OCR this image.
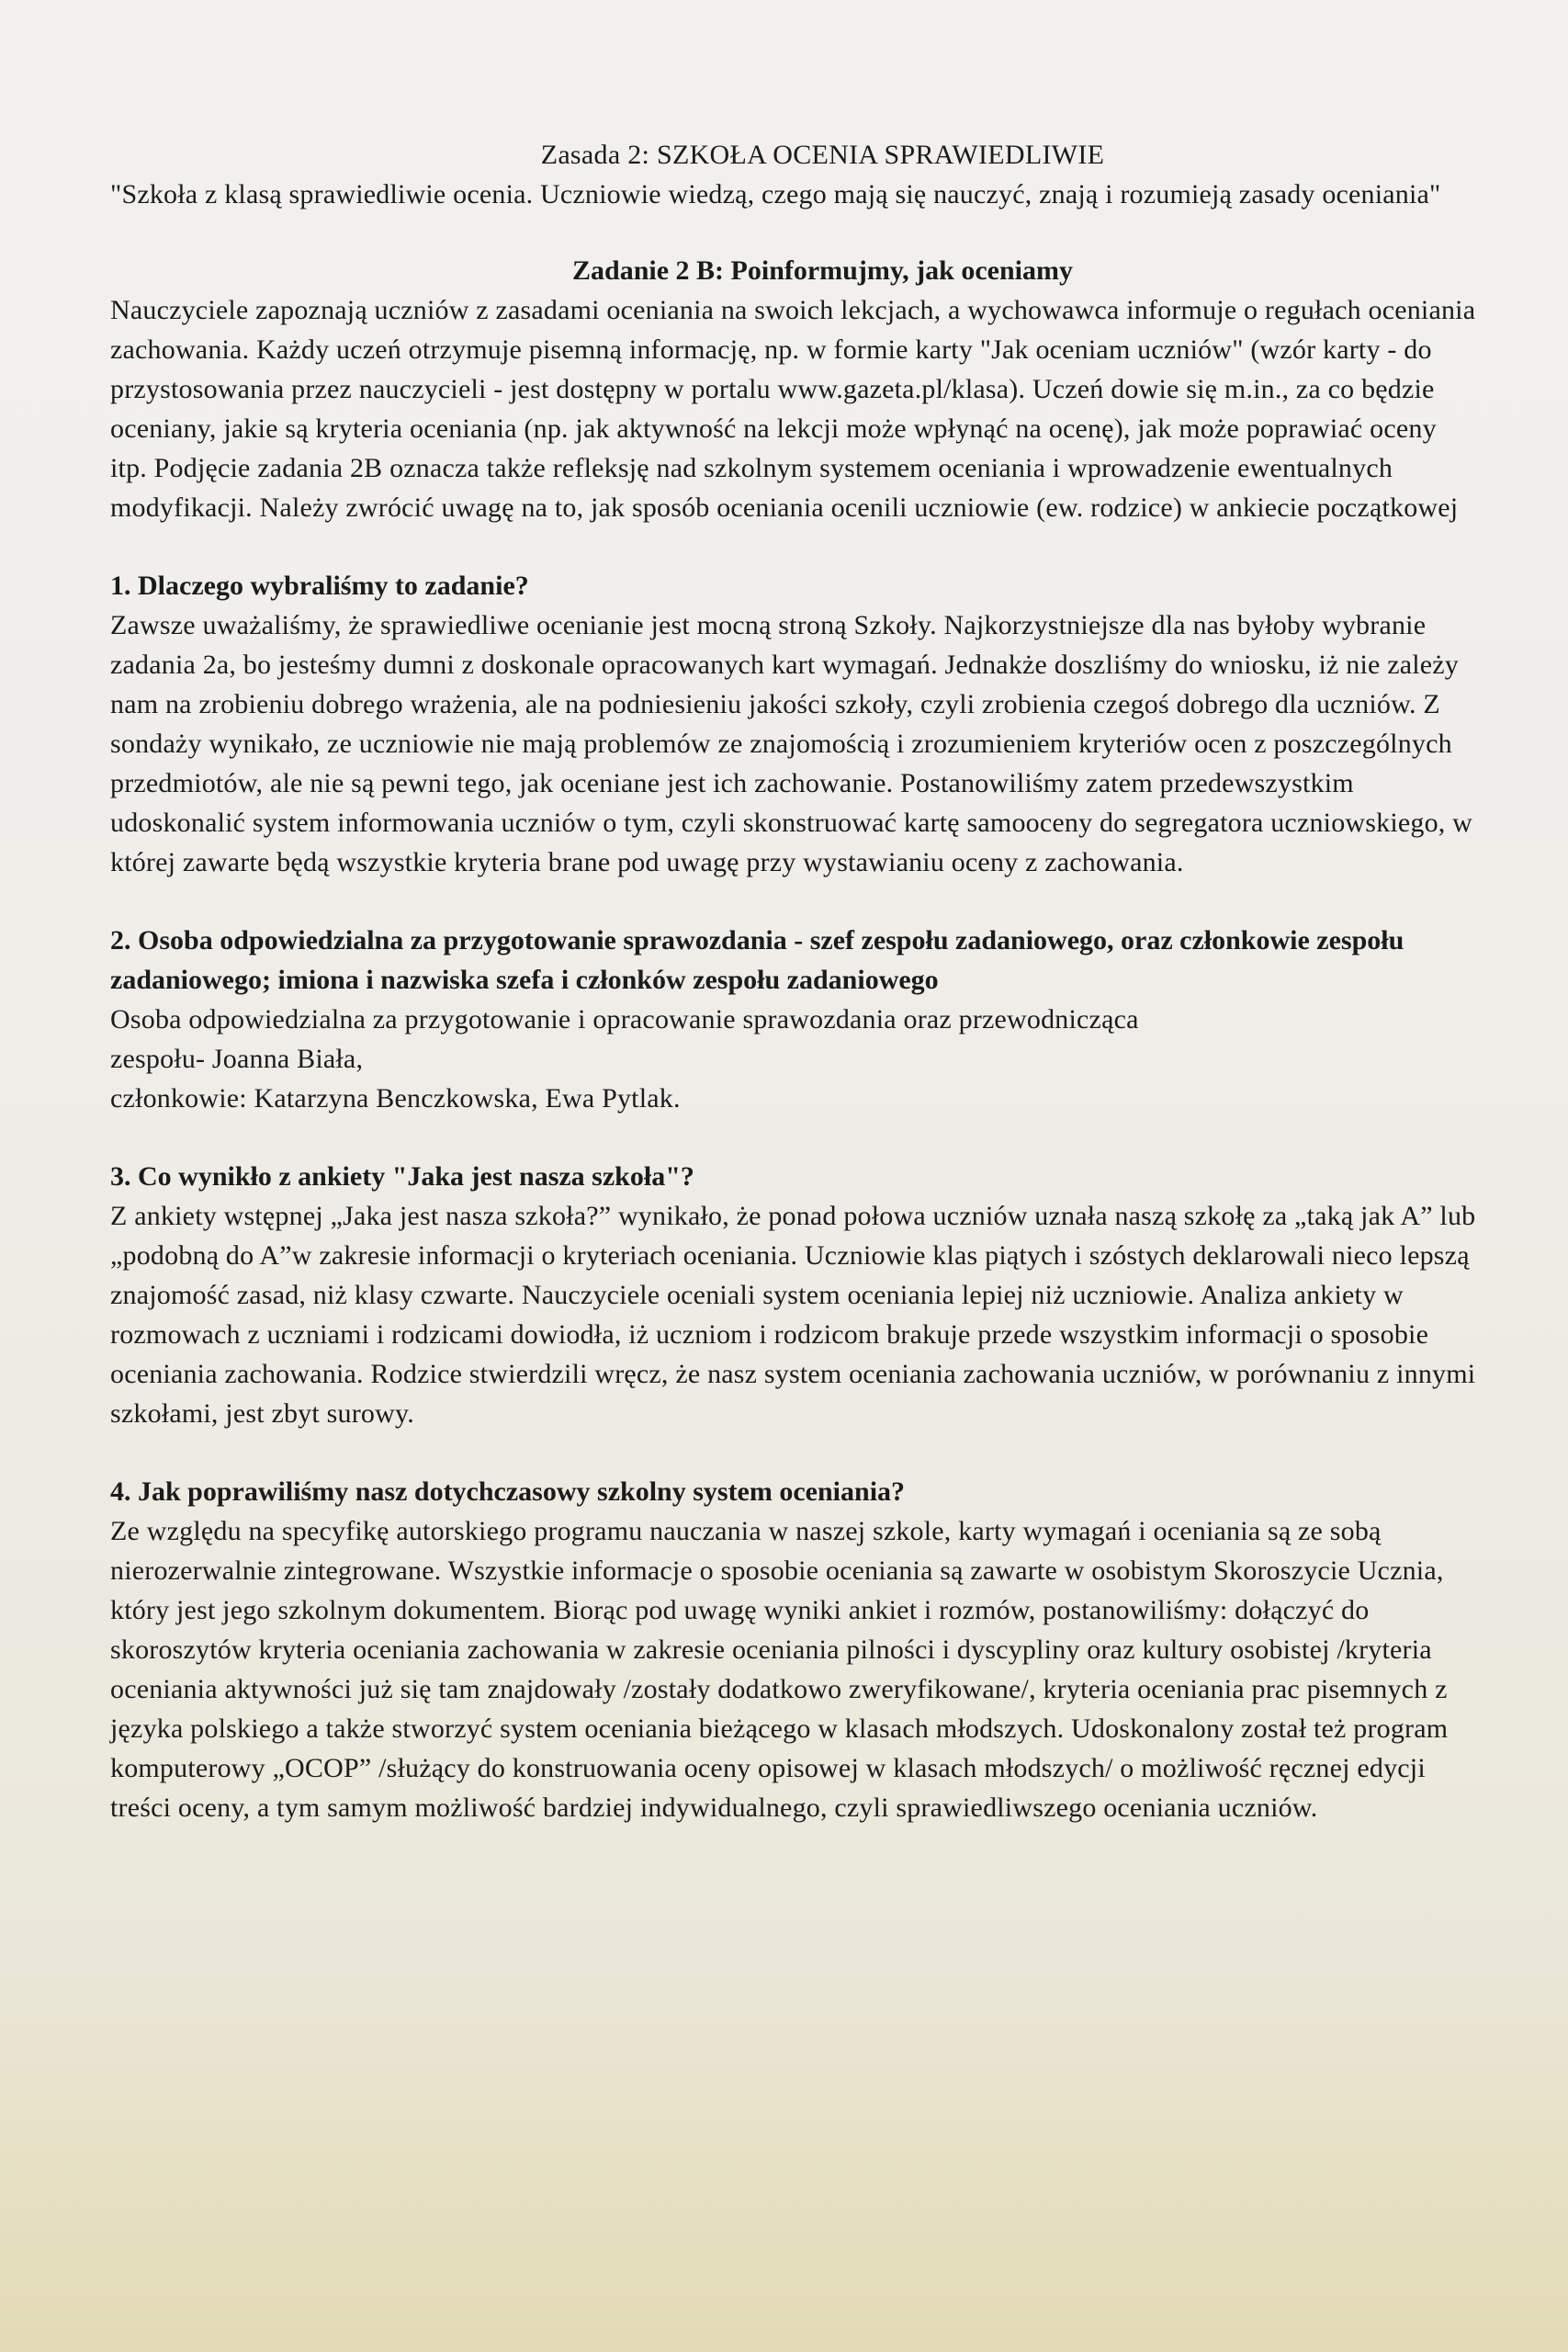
Zasada 2: SZKOŁA OCENIA SPRAWIEDLIWIE

"Szkoła z klasą sprawiedliwie ocenia. Uczniowie wiedzą, czego mają się nauczyć, znają i rozumieją zasady oceniania"

Zadanie 2 B: Poinformujmy, jak oceniamy

Nauczyciele zapoznają uczniów z zasadami oceniania na swoich lekcjach, a wychowawca informuje o regułach oceniania zachowania. Każdy uczeń otrzymuje pisemną informację, np. w formie karty "Jak oceniam uczniów" (wzór karty - do przystosowania przez nauczycieli - jest dostępny w portalu www.gazeta.pl/klasa). Uczeń dowie się m.in., za co będzie oceniany, jakie są kryteria oceniania (np. jak aktywność na lekcji może wpłynąć na ocenę), jak może poprawiać oceny itp. Podjęcie zadania 2B oznacza także refleksję nad szkolnym systemem oceniania i wprowadzenie ewentualnych modyfikacji. Należy zwrócić uwagę na to, jak sposób oceniania ocenili uczniowie (ew. rodzice) w ankiecie początkowej

1. Dlaczego wybraliśmy to zadanie?

Zawsze uważaliśmy, że sprawiedliwe ocenianie jest mocną stroną Szkoły. Najkorzystniejsze dla nas byłoby wybranie zadania 2a, bo jesteśmy dumni z doskonale opracowanych kart wymagań. Jednakże doszliśmy do wniosku, iż nie zależy nam na zrobieniu dobrego wrażenia, ale na podniesieniu jakości szkoły, czyli zrobienia czegoś dobrego dla uczniów. Z sondaży wynikało, ze uczniowie nie mają problemów ze znajomością i zrozumieniem kryteriów ocen z poszczególnych przedmiotów, ale nie są pewni tego, jak oceniane jest ich zachowanie. Postanowiliśmy zatem przedewszystkim udoskonalić system informowania uczniów o tym, czyli skonstruować kartę samooceny do segregatora uczniowskiego, w której zawarte będą wszystkie kryteria brane pod uwagę przy wystawianiu oceny z zachowania.

2. Osoba odpowiedzialna za przygotowanie sprawozdania - szef zespołu zadaniowego, oraz członkowie zespołu zadaniowego; imiona i nazwiska szefa i członków zespołu zadaniowego

Osoba odpowiedzialna za przygotowanie i opracowanie sprawozdania oraz przewodnicząca

zespołu- Joanna Biała,

członkowie: Katarzyna Benczkowska, Ewa Pytlak.

3. Co wynikło z ankiety "Jaka jest nasza szkoła"?

Z ankiety wstępnej „Jaka jest nasza szkoła?” wynikało, że ponad połowa uczniów uznała naszą szkołę za „taką jak A” lub „podobną do A”w zakresie informacji o kryteriach oceniania. Uczniowie klas piątych i szóstych deklarowali nieco lepszą znajomość zasad, niż klasy czwarte. Nauczyciele oceniali system oceniania lepiej niż uczniowie. Analiza ankiety w rozmowach z uczniami i rodzicami dowiodła, iż uczniom i rodzicom brakuje przede wszystkim informacji o sposobie oceniania zachowania. Rodzice stwierdzili wręcz, że nasz system oceniania zachowania uczniów, w porównaniu z innymi szkołami, jest zbyt surowy.

4. Jak poprawiliśmy nasz dotychczasowy szkolny system oceniania?

Ze względu na specyfikę autorskiego programu nauczania w naszej szkole, karty wymagań i oceniania są ze sobą nierozerwalnie zintegrowane. Wszystkie informacje o sposobie oceniania są zawarte w osobistym Skoroszycie Ucznia, który jest jego szkolnym dokumentem. Biorąc pod uwagę wyniki ankiet i rozmów, postanowiliśmy: dołączyć do skoroszytów kryteria oceniania zachowania w zakresie oceniania pilności i dyscypliny oraz kultury osobistej /kryteria oceniania aktywności już się tam znajdowały /zostały dodatkowo zweryfikowane/, kryteria oceniania prac pisemnych z języka polskiego a także stworzyć system oceniania bieżącego w klasach młodszych. Udoskonalony został też program komputerowy „OCOP” /służący do konstruowania oceny opisowej w klasach młodszych/ o możliwość ręcznej edycji treści oceny, a tym samym możliwość bardziej indywidualnego, czyli sprawiedliwszego oceniania uczniów.
